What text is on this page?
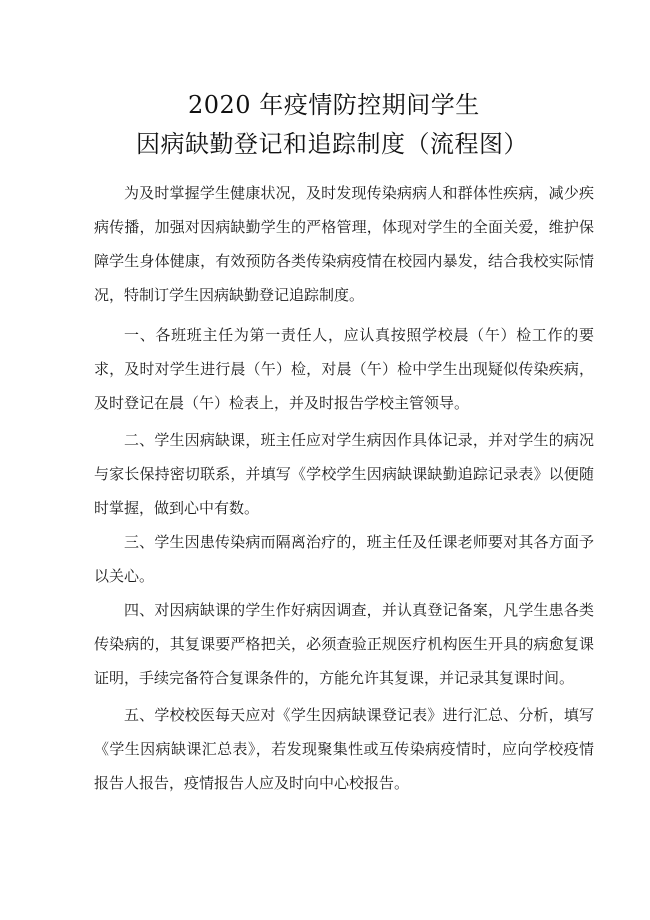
2020 年疫情防控期间学生
因病缺勤登记和追踪制度（流程图）

为及时掌握学生健康状况，及时发现传染病病人和群体性疾病，减少疾病传播，加强对因病缺勤学生的严格管理，体现对学生的全面关爱，维护保障学生身体健康，有效预防各类传染病疫情在校园内暴发，结合我校实际情况，特制订学生因病缺勤登记追踪制度。

一、各班班主任为第一责任人，应认真按照学校晨（午）检工作的要求，及时对学生进行晨（午）检，对晨（午）检中学生出现疑似传染疾病，及时登记在晨（午）检表上，并及时报告学校主管领导。

二、学生因病缺课，班主任应对学生病因作具体记录，并对学生的病况与家长保持密切联系，并填写《学校学生因病缺课缺勤追踪记录表》以便随时掌握，做到心中有数。

三、学生因患传染病而隔离治疗的，班主任及任课老师要对其各方面予以关心。

四、对因病缺课的学生作好病因调查，并认真登记备案，凡学生患各类传染病的，其复课要严格把关，必须查验正规医疗机构医生开具的病愈复课证明，手续完备符合复课条件的，方能允许其复课，并记录其复课时间。

五、学校校医每天应对《学生因病缺课登记表》进行汇总、分析，填写《学生因病缺课汇总表》，若发现聚集性或互传染病疫情时，应向学校疫情报告人报告，疫情报告人应及时向中心校报告。
